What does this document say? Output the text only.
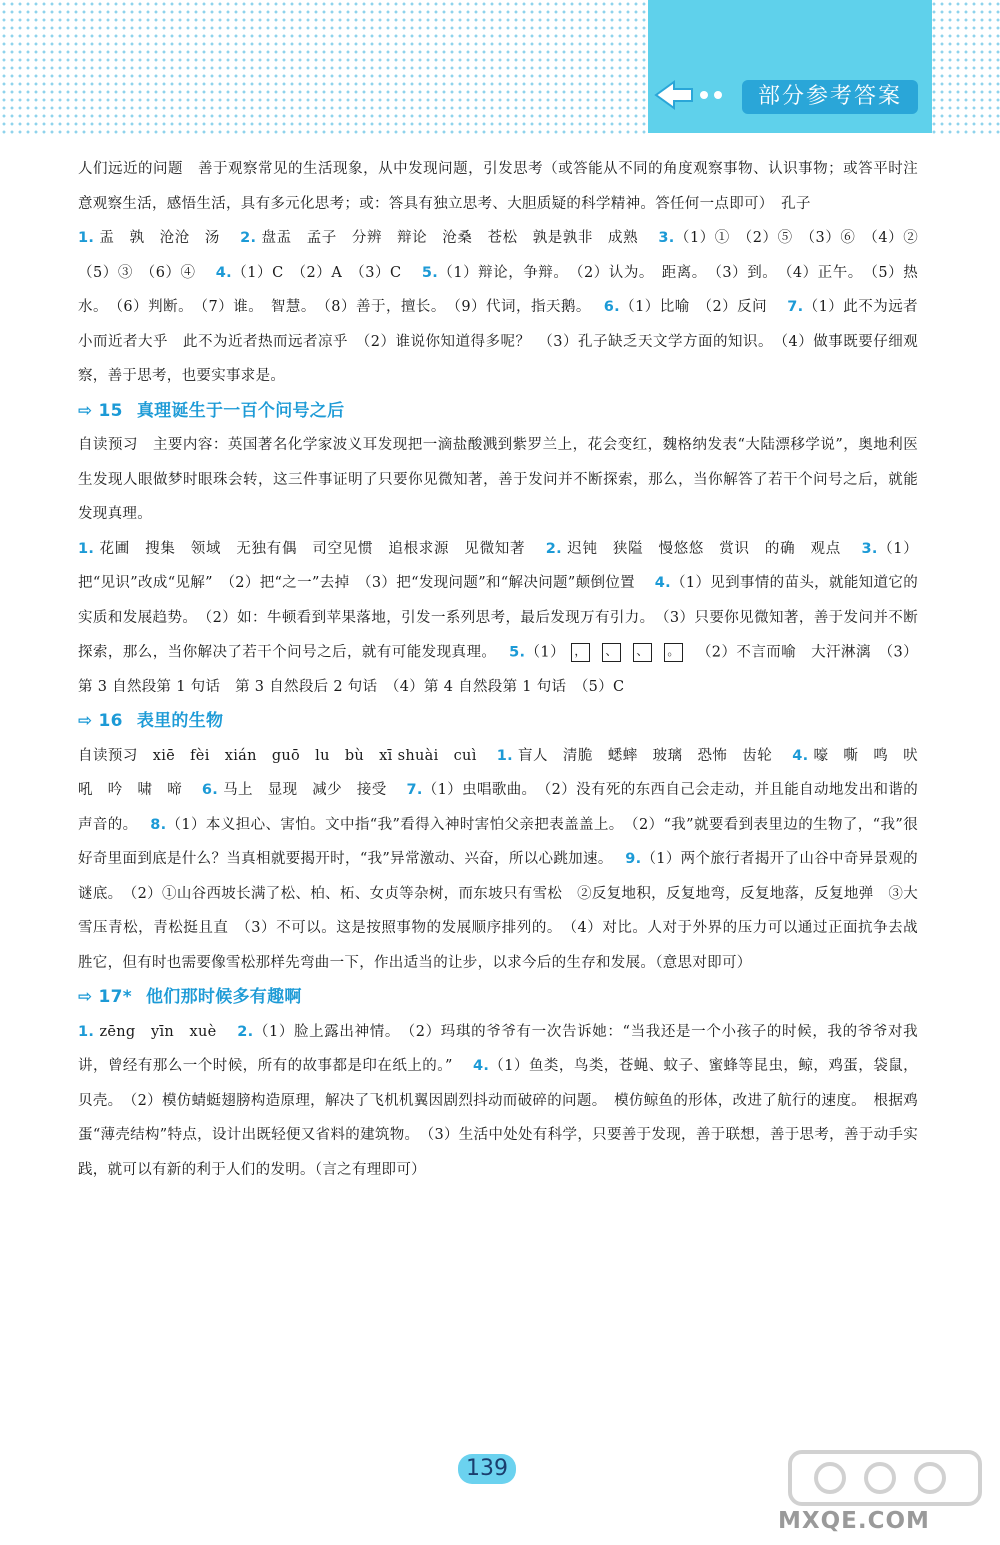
部分参考答案

人们远近的问题　善于观察常见的生活现象，从中发现问题，引发思考（或答能从不同的角度观察事物、认识事物；或答平时注意观察生活，感悟生活，具有多元化思考；或：答具有独立思考、大胆质疑的科学精神。答任何一点即可）　孔子

1. 盂　孰　沧沧　汤　 2. 盘盂　孟子　分辨　辩论　沧桑　苍松　孰是孰非　成熟　 3.（1）①　（2）⑤　（3）⑥　（4）②　（5）③　（6）④　 4.（1）C　（2）A　（3）C　 5.（1）辩论，争辩。　（2）认为。　距离。　（3）到。　（4）正午。　（5）热水。　（6）判断。　（7）谁。　智慧。　（8）善于，擅长。　（9）代词，指天鹅。　 6.（1）比喻　（2）反问　 7.（1）此不为远者小而近者大乎　此不为近者热而远者凉乎　（2）谁说你知道得多呢？　（3）孔子缺乏天文学方面的知识。　（4）做事既要仔细观察，善于思考，也要实事求是。

⇨ 15 真理诞生于一百个问号之后

自读预习　主要内容：英国著名化学家波义耳发现把一滴盐酸溅到紫罗兰上，花会变红，魏格纳发表“大陆漂移学说”，奥地利医生发现人眼做梦时眼珠会转，这三件事证明了只要你见微知著，善于发问并不断探索，那么，当你解答了若干个问号之后，就能发现真理。

1. 花圃　搜集　领域　无独有偶　司空见惯　追根求源　见微知著　 2. 迟钝　狭隘　慢悠悠　赏识　的确　观点　 3.（1）把“见识”改成“见解”　（2）把“之一”去掉　（3）把“发现问题”和“解决问题”颠倒位置　 4.（1）见到事情的苗头，就能知道它的实质和发展趋势。　（2）如：牛顿看到苹果落地，引发一系列思考，最后发现万有引力。　（3）只要你见微知著，善于发问并不断探索，那么，当你解决了若干个问号之后，就有可能发现真理。　 5.（1） ， 、 、 。　（2）不言而喻　大汗淋漓　（3）第 3 自然段第 1 句话　第 3 自然段后 2 句话　（4）第 4 自然段第 1 句话　（5）C

⇨ 16 表里的生物

自读预习　xiē　fèi　xián　guō　lu　bù　xī shuài　cuì　 1. 盲人　清脆　蟋蟀　玻璃　恐怖　齿轮　 4. 嚎　嘶　鸣　吠　吼　吟　啸　啼　 6. 马上　显现　减少　接受　 7.（1）虫唱歌曲。　（2）没有死的东西自己会走动，并且能自动地发出和谐的声音的。　 8.（1）本义担心、害怕。文中指“我”看得入神时害怕父亲把表盖盖上。　（2）“我”就要看到表里边的生物了，“我”很好奇里面到底是什么？当真相就要揭开时，“我”异常激动、兴奋，所以心跳加速。　 9.（1）两个旅行者揭开了山谷中奇异景观的谜底。　（2）①山谷西坡长满了松、柏、柘、女贞等杂树，而东坡只有雪松　②反复地积，反复地弯，反复地落，反复地弹　③大雪压青松，青松挺且直　（3）不可以。这是按照事物的发展顺序排列的。　（4）对比。人对于外界的压力可以通过正面抗争去战胜它，但有时也需要像雪松那样先弯曲一下，作出适当的让步，以求今后的生存和发展。（意思对即可）

⇨ 17* 他们那时候多有趣啊

1. zēng　yīn　xuè　 2.（1）脸上露出神情。　（2）玛琪的爷爷有一次告诉她：“当我还是一个小孩子的时候，我的爷爷对我讲，曾经有那么一个时候，所有的故事都是印在纸上的。”　 4.（1）鱼类，鸟类，苍蝇、蚊子、蜜蜂等昆虫，鲸，鸡蛋，袋鼠，贝壳。　（2）模仿蜻蜓翅膀构造原理，解决了飞机机翼因剧烈抖动而破碎的问题。　模仿鲸鱼的形体，改进了航行的速度。　根据鸡蛋“薄壳结构”特点，设计出既轻便又省料的建筑物。　（3）生活中处处有科学，只要善于发现，善于联想，善于思考，善于动手实践，就可以有新的利于人们的发明。（言之有理即可）

139
MXQE.COM
